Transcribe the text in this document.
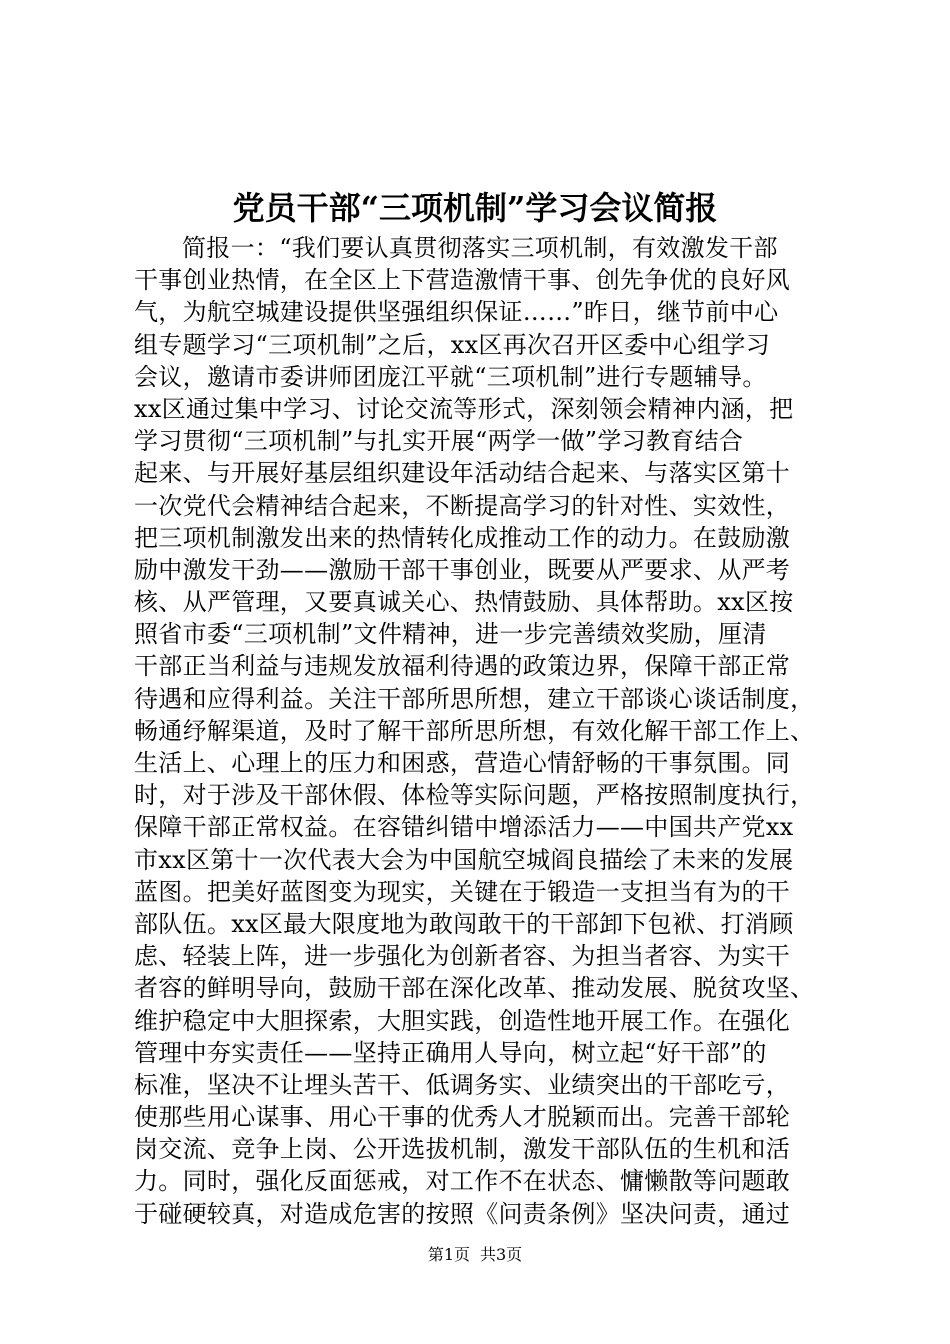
党员干部“三项机制”学习会议简报
简报一：“我们要认真贯彻落实三项机制，有效激发干部
干事创业热情，在全区上下营造激情干事、创先争优的良好风
气，为航空城建设提供坚强组织保证……”昨日，继节前中心
组专题学习“三项机制”之后，xx区再次召开区委中心组学习
会议，邀请市委讲师团庞江平就“三项机制”进行专题辅导。
xx区通过集中学习、讨论交流等形式，深刻领会精神内涵，把
学习贯彻“三项机制”与扎实开展“两学一做”学习教育结合
起来、与开展好基层组织建设年活动结合起来、与落实区第十
一次党代会精神结合起来，不断提高学习的针对性、实效性，
把三项机制激发出来的热情转化成推动工作的动力。在鼓励激
励中激发干劲——激励干部干事创业，既要从严要求、从严考
核、从严管理，又要真诚关心、热情鼓励、具体帮助。xx区按
照省市委“三项机制”文件精神，进一步完善绩效奖励，厘清
干部正当利益与违规发放福利待遇的政策边界，保障干部正常
待遇和应得利益。关注干部所思所想，建立干部谈心谈话制度，
畅通纾解渠道，及时了解干部所思所想，有效化解干部工作上、
生活上、心理上的压力和困惑，营造心情舒畅的干事氛围。同
时，对于涉及干部休假、体检等实际问题，严格按照制度执行，
保障干部正常权益。在容错纠错中增添活力——中国共产党xx
市xx区第十一次代表大会为中国航空城阎良描绘了未来的发展
蓝图。把美好蓝图变为现实，关键在于锻造一支担当有为的干
部队伍。xx区最大限度地为敢闯敢干的干部卸下包袱、打消顾
虑、轻装上阵，进一步强化为创新者容、为担当者容、为实干
者容的鲜明导向，鼓励干部在深化改革、推动发展、脱贫攻坚、
维护稳定中大胆探索，大胆实践，创造性地开展工作。在强化
管理中夯实责任——坚持正确用人导向，树立起“好干部”的
标准，坚决不让埋头苦干、低调务实、业绩突出的干部吃亏，
使那些用心谋事、用心干事的优秀人才脱颖而出。完善干部轮
岗交流、竞争上岗、公开选拔机制，激发干部队伍的生机和活
力。同时，强化反面惩戒，对工作不在状态、慵懒散等问题敢
于碰硬较真，对造成危害的按照《问责条例》坚决问责，通过
第1页 共3页
